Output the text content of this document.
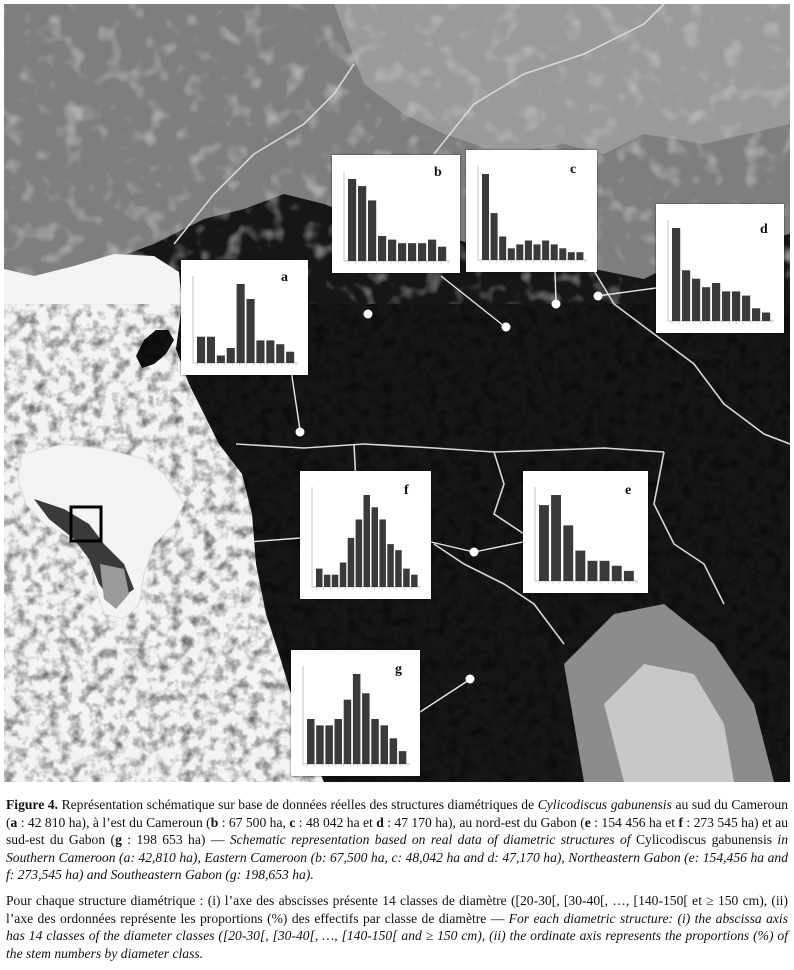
a
b	c
d
f	e
g

Figure 4. Représentation schématique sur base de données réelles des structures diamétriques de Cylicodiscus gabunensis au sud du Cameroun (a : 42 810 ha), à l’est du Cameroun (b : 67 500 ha, c : 48 042 ha et d : 47 170 ha), au nord-est du Gabon (e : 154 456 ha et f : 273 545 ha) et au sud-est du Gabon (g : 198 653 ha) — Schematic representation based on real data of diametric structures of Cylicodiscus gabunensis in Southern Cameroon (a: 42,810 ha), Eastern Cameroon (b: 67,500 ha, c: 48,042 ha and d: 47,170 ha), Northeastern Gabon (e: 154,456 ha and f: 273,545 ha) and Southeastern Gabon (g: 198,653 ha).

Pour chaque structure diamétrique : (i) l’axe des abscisses présente 14 classes de diamètre ([20-30[, [30-40[, …, [140-150[ et ≥ 150 cm), (ii) l’axe des ordonnées représente les proportions (%) des effectifs par classe de diamètre — For each diametric structure: (i) the abscissa axis has 14 classes of the diameter classes ([20-30[, [30-40[, …, [140-150[ and ≥ 150 cm), (ii) the ordinate axis represents the proportions (%) of the stem numbers by diameter class.
